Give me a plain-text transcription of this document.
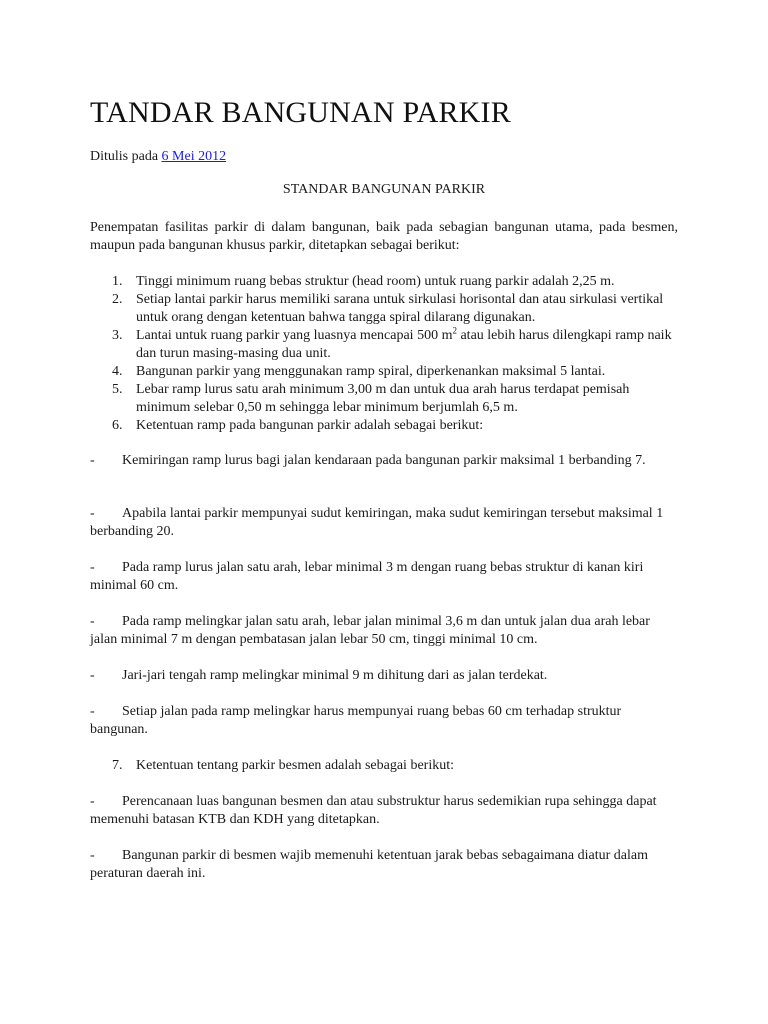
TANDAR BANGUNAN PARKIR
Ditulis pada 6 Mei 2012
STANDAR BANGUNAN PARKIR

Penempatan fasilitas parkir di dalam bangunan, baik pada sebagian bangunan utama, pada besmen, maupun pada bangunan khusus parkir, ditetapkan sebagai berikut:

1. Tinggi minimum ruang bebas struktur (head room) untuk ruang parkir adalah 2,25 m.
2. Setiap lantai parkir harus memiliki sarana untuk sirkulasi horisontal dan atau sirkulasi vertikal untuk orang dengan ketentuan bahwa tangga spiral dilarang digunakan.
3. Lantai untuk ruang parkir yang luasnya mencapai 500 $m^2$ atau lebih harus dilengkapi ramp naik dan turun masing-masing dua unit.
4. Bangunan parkir yang menggunakan ramp spiral, diperkenankan maksimal 5 lantai.
5. Lebar ramp lurus satu arah minimum 3,00 m dan untuk dua arah harus terdapat pemisah minimum selebar 0,50 m sehingga lebar minimum berjumlah 6,5 m.
6. Ketentuan ramp pada bangunan parkir adalah sebagai berikut:

- Kemiringan ramp lurus bagi jalan kendaraan pada bangunan parkir maksimal 1 berbanding 7.

- Apabila lantai parkir mempunyai sudut kemiringan, maka sudut kemiringan tersebut maksimal 1 berbanding 20.

- Pada ramp lurus jalan satu arah, lebar minimal 3 m dengan ruang bebas struktur di kanan kiri minimal 60 cm.

- Pada ramp melingkar jalan satu arah, lebar jalan minimal 3,6 m dan untuk jalan dua arah lebar jalan minimal 7 m dengan pembatasan jalan lebar 50 cm, tinggi minimal 10 cm.

- Jari-jari tengah ramp melingkar minimal 9 m dihitung dari as jalan terdekat.

- Setiap jalan pada ramp melingkar harus mempunyai ruang bebas 60 cm terhadap struktur bangunan.

7. Ketentuan tentang parkir besmen adalah sebagai berikut:

- Perencanaan luas bangunan besmen dan atau substruktur harus sedemikian rupa sehingga dapat memenuhi batasan KTB dan KDH yang ditetapkan.

- Bangunan parkir di besmen wajib memenuhi ketentuan jarak bebas sebagaimana diatur dalam peraturan daerah ini.
